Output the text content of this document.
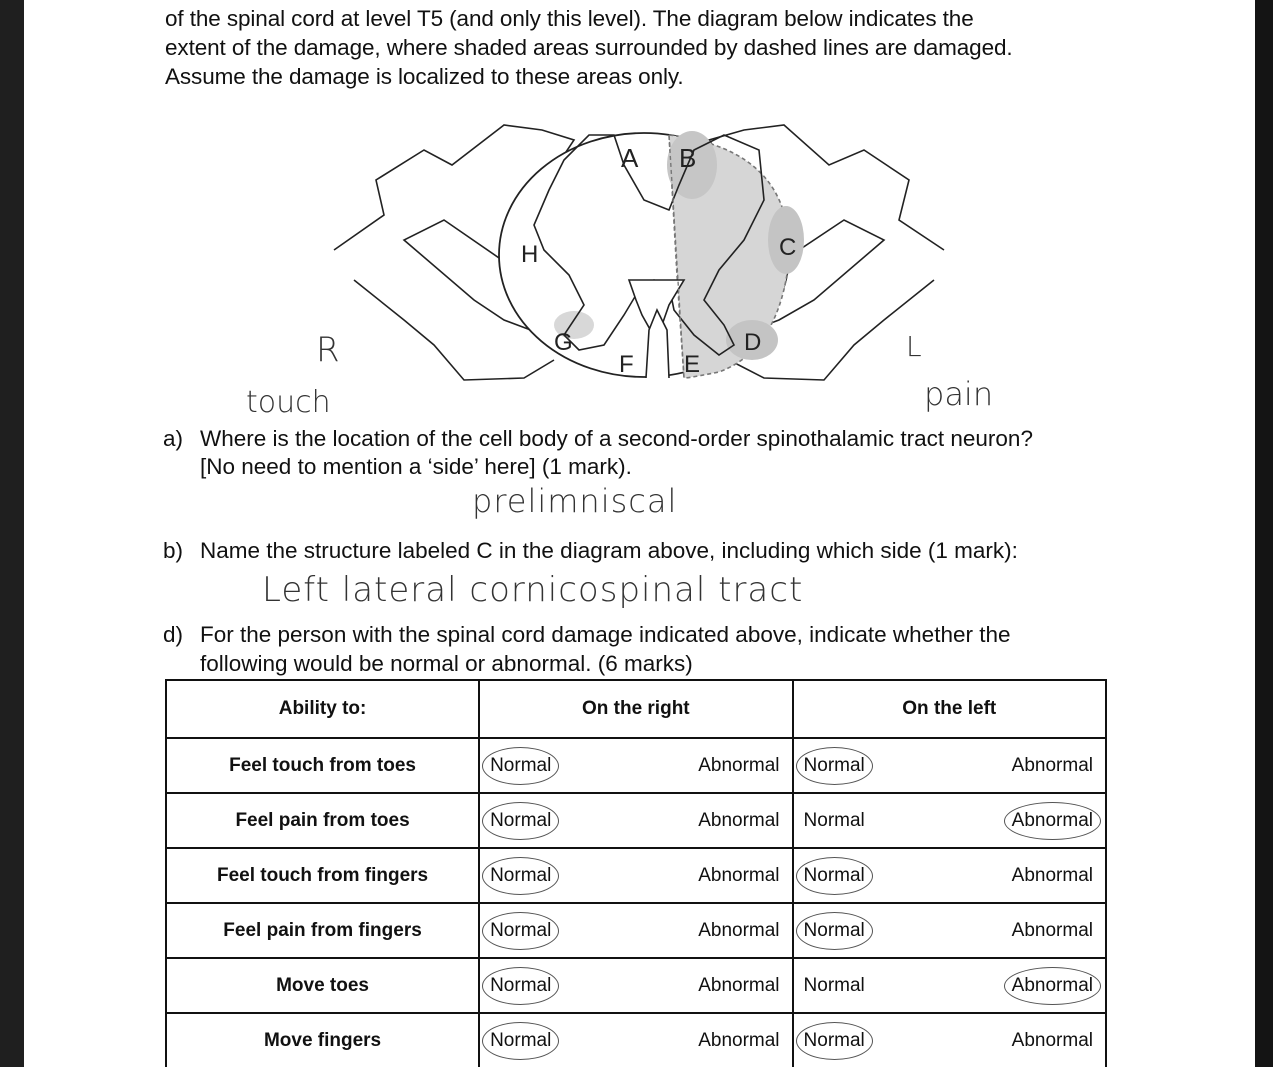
of the spinal cord at level T5 (and only this level). The diagram below indicates the
extent of the damage, where shaded areas surrounded by dashed lines are damaged.
Assume the damage is localized to these areas only.
A B
C
D
E
F
G
H
R	L
touch	pain
a) Where is the location of the cell body of a second-order spinothalamic tract neuron?
[No need to mention a ‘side’ here] (1 mark).
prelimniscal
b) Name the structure labeled C in the diagram above, including which side (1 mark):
Left lateral cornicospinal tract
d) For the person with the spinal cord damage indicated above, indicate whether the
following would be normal or abnormal. (6 marks)
Ability to:	On the right	On the left
Feel touch from toes	Normal Abnormal	Normal Abnormal

Feel pain from toes	Normal Abnormal	Normal Abnormal

Feel touch from fingers	Normal Abnormal	Normal Abnormal

Feel pain from fingers	Normal Abnormal	Normal Abnormal

Move toes	Normal Abnormal	Normal Abnormal

Move fingers	Normal Abnormal	Normal Abnormal
